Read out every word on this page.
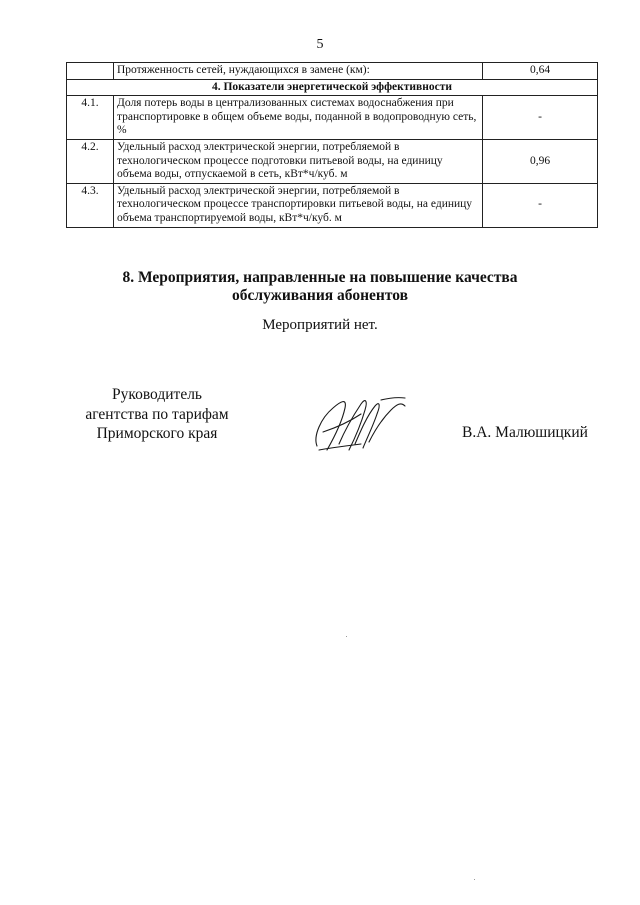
5
	Протяженность сетей, нуждающихся в замене (км):	0,64
4. Показатели энергетической эффективности		
4.1.	Доля потерь воды в централизованных системах водоснабжения при транспортировке в общем объеме воды, поданной в водопроводную сеть, %	-
4.2.	Удельный расход электрической энергии, потребляемой в технологическом процессе подготовки питьевой воды, на единицу объема воды, отпускаемой в сеть, кВт*ч/куб. м	0,96
4.3.	Удельный расход электрической энергии, потребляемой в технологическом процессе транспортировки питьевой воды, на единицу объема транспортируемой воды, кВт*ч/куб. м	-
8. Мероприятия, направленные на повышение качества
обслуживания абонентов
Мероприятий нет.
Руководитель
агентства по тарифам
Приморского края	В.А. Малюшицкий
